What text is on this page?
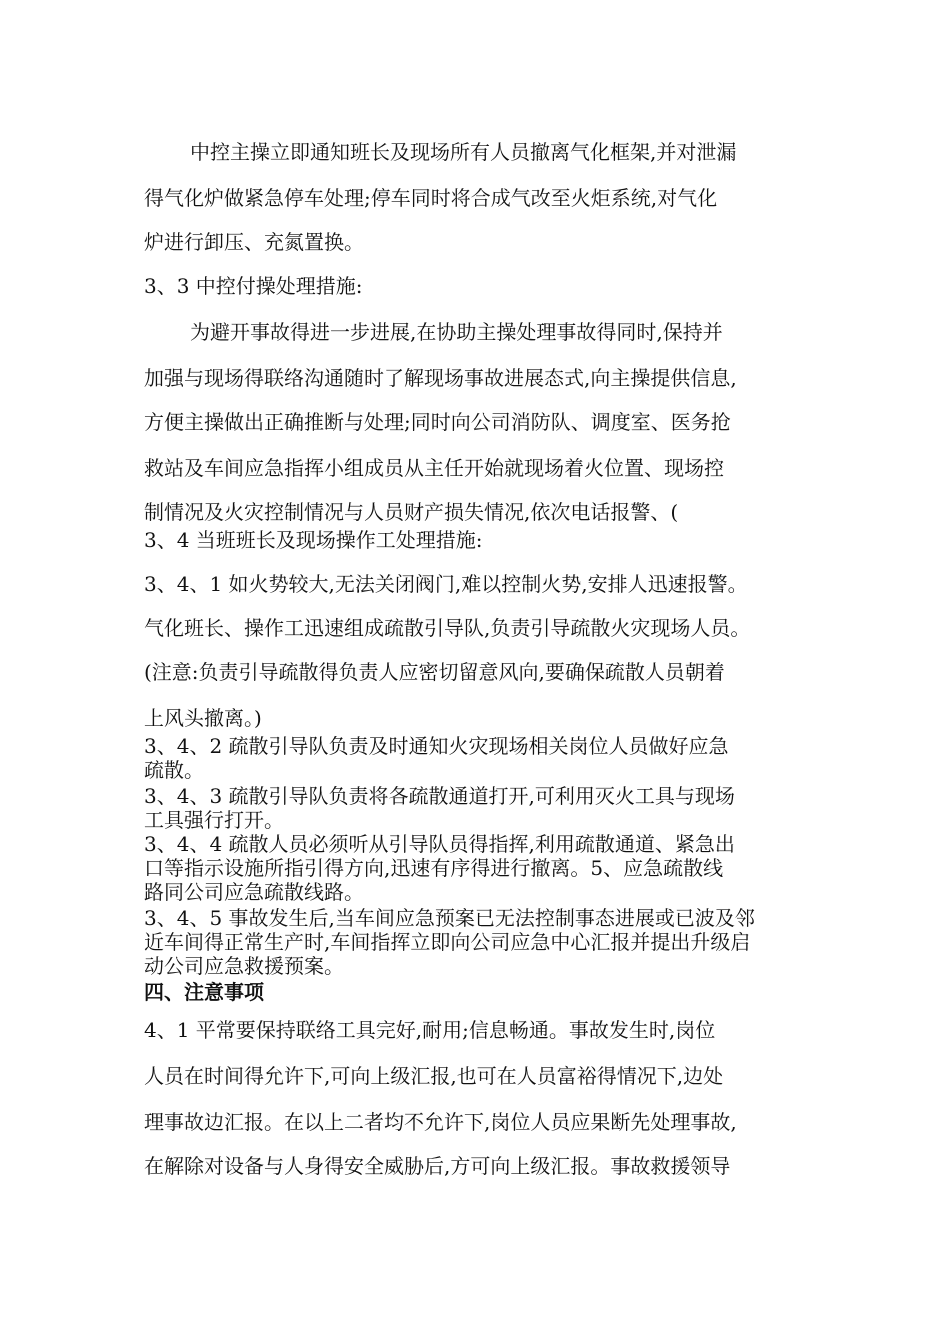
中控主操立即通知班长及现场所有人员撤离气化框架,并对泄漏
得气化炉做紧急停车处理;停车同时将合成气改至火炬系统,对气化
炉进行卸压、充氮置换。
3、3 中控付操处理措施:
为避开事故得进一步进展,在协助主操处理事故得同时,保持并
加强与现场得联络沟通随时了解现场事故进展态式,向主操提供信息,
方便主操做出正确推断与处理;同时向公司消防队、调度室、医务抢
救站及车间应急指挥小组成员从主任开始就现场着火位置、现场控
制情况及火灾控制情况与人员财产损失情况,依次电话报警、(
3、4 当班班长及现场操作工处理措施:
3、4、1 如火势较大,无法关闭阀门,难以控制火势,安排人迅速报警。
气化班长、操作工迅速组成疏散引导队,负责引导疏散火灾现场人员。
(注意:负责引导疏散得负责人应密切留意风向,要确保疏散人员朝着
上风头撤离。)
3、4、2 疏散引导队负责及时通知火灾现场相关岗位人员做好应急
疏散。
3、4、3 疏散引导队负责将各疏散通道打开,可利用灭火工具与现场
工具强行打开。
3、4、4 疏散人员必须听从引导队员得指挥,利用疏散通道、紧急出
口等指示设施所指引得方向,迅速有序得进行撤离。5、应急疏散线
路同公司应急疏散线路。
3、4、5 事故发生后,当车间应急预案已无法控制事态进展或已波及邻
近车间得正常生产时,车间指挥立即向公司应急中心汇报并提出升级启
动公司应急救援预案。
四、注意事项
4、1 平常要保持联络工具完好,耐用;信息畅通。事故发生时,岗位
人员在时间得允许下,可向上级汇报,也可在人员富裕得情况下,边处
理事故边汇报。在以上二者均不允许下,岗位人员应果断先处理事故,
在解除对设备与人身得安全威胁后,方可向上级汇报。事故救援领导
